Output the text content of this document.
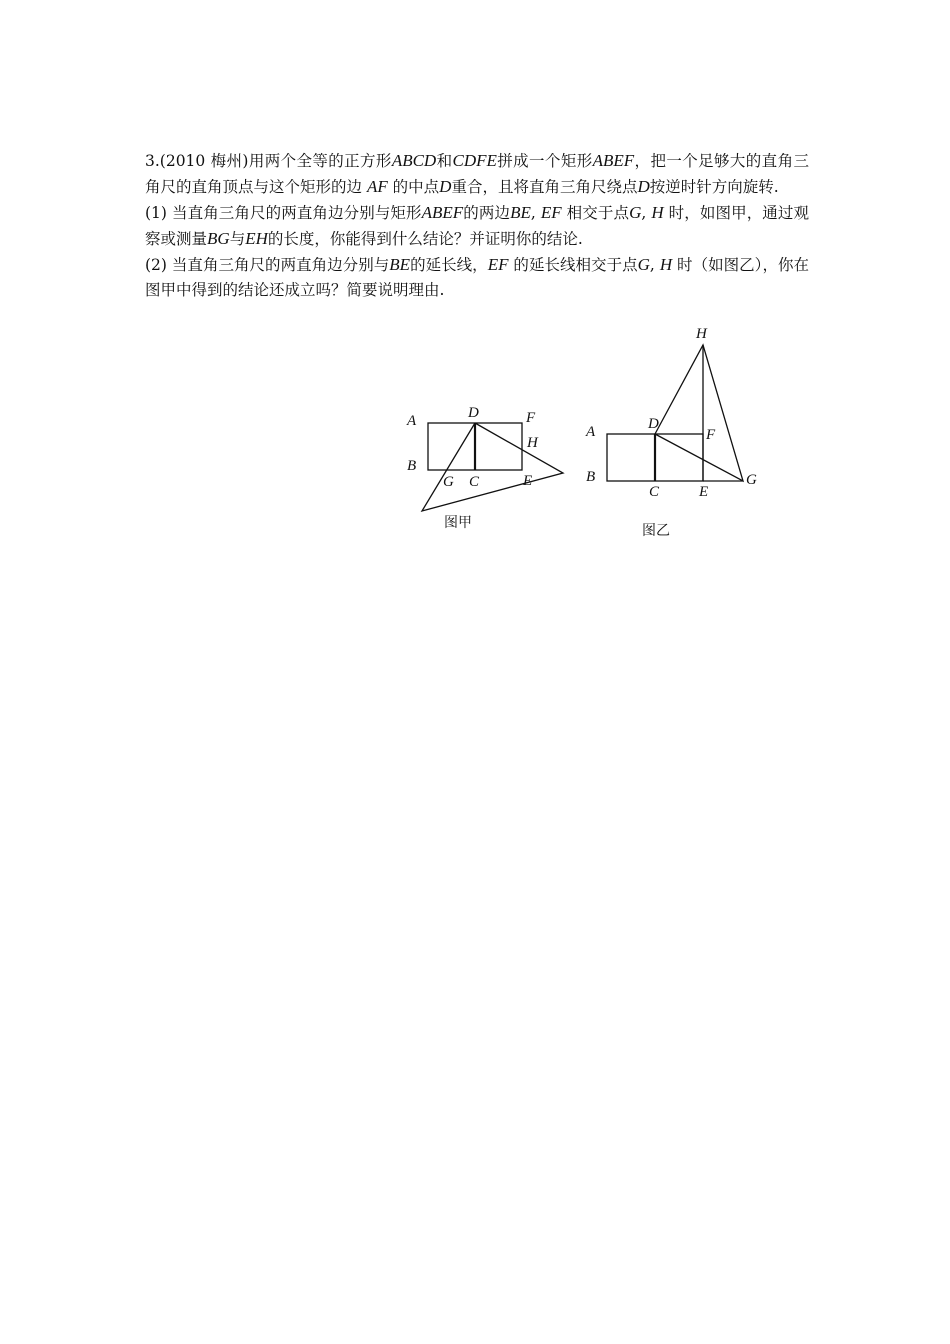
3.(2010 梅州)用两个全等的正方形ABCD和CDFE拼成一个矩形ABEF，把一个足够大的直角三角尺的直角顶点与这个矩形的边 AF 的中点D重合，且将直角三角尺绕点D按逆时针方向旋转.

(1) 当直角三角尺的两直角边分别与矩形ABEF的两边BE, EF 相交于点G, H 时，如图甲，通过观察或测量BG与EH的长度，你能得到什么结论？并证明你的结论.

(2) 当直角三角尺的两直角边分别与BE的延长线，EF 的延长线相交于点G, H 时（如图乙），你在图甲中得到的结论还成立吗？简要说明理由.

A
B
D	F
H
G C	E
图甲
H
A
B
D
F
C	E
G
图乙
